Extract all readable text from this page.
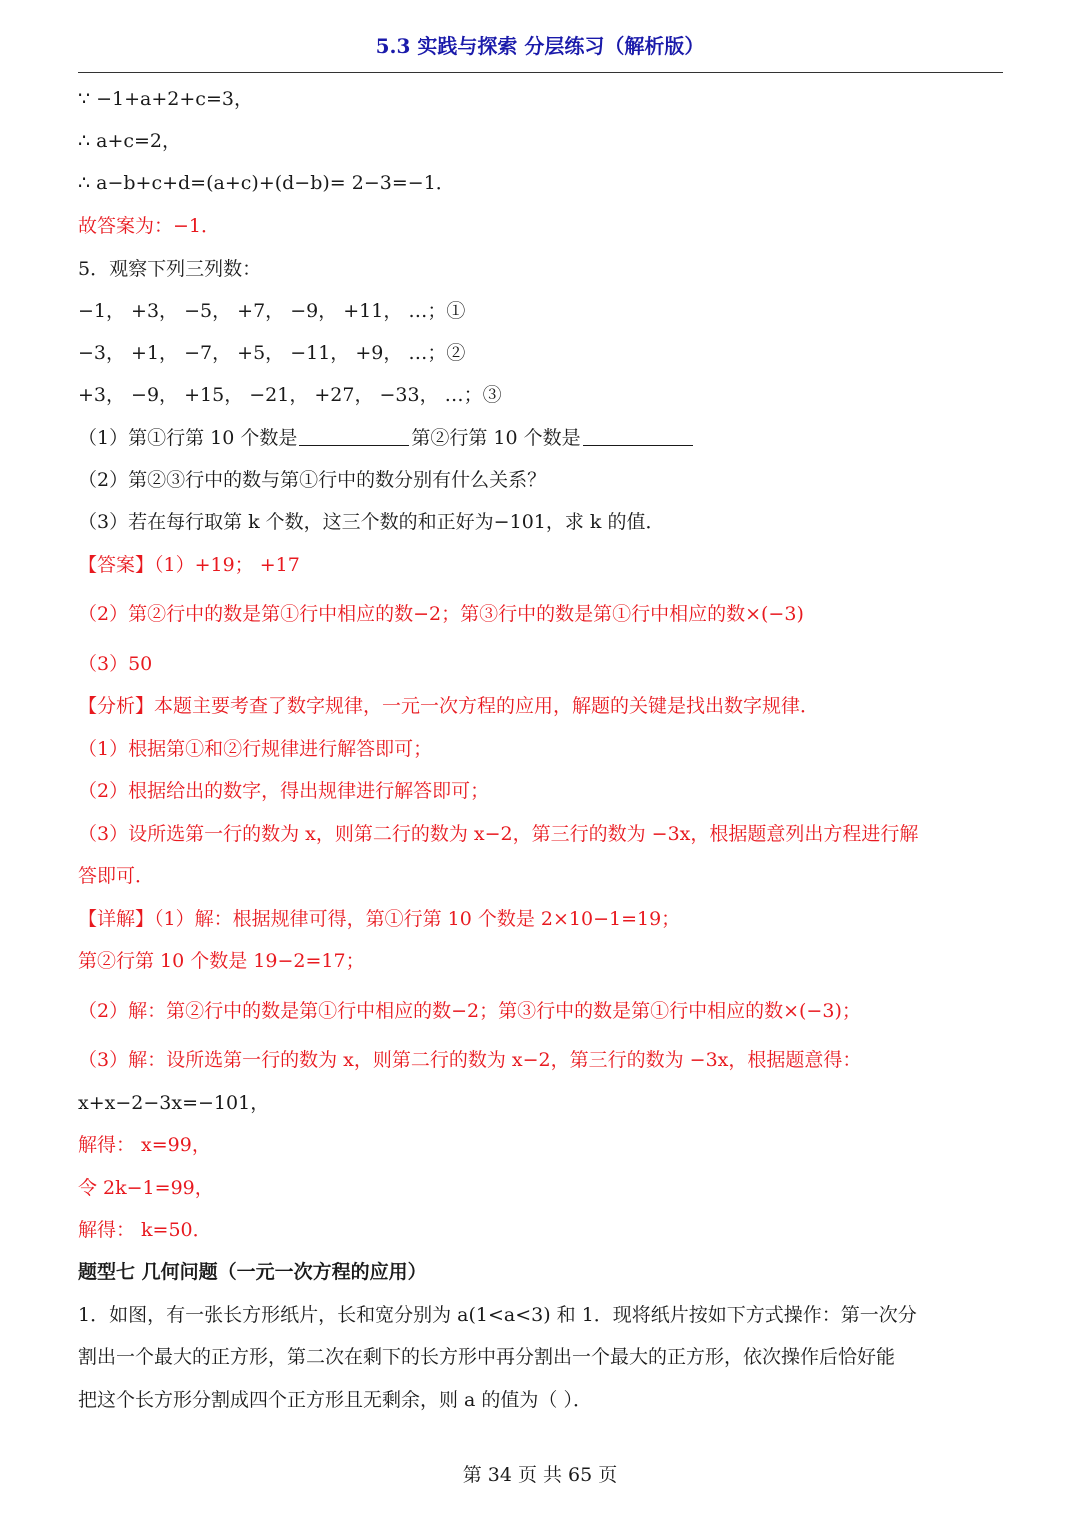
5.3 实践与探索 分层练习（解析版）
∵ −1+a+2+c=3，
∴ a+c=2，
∴ a−b+c+d=(a+c)+(d−b)= 2−3=−1．
故答案为：−1．
5．观察下列三列数：
−1， +3， −5， +7， −9， +11， …；①
−3， +1， −7， +5， −11， +9， …；②
+3， −9， +15， −21， +27， −33， …；③
（1）第①行第 10 个数是	第②行第 10 个数是
（2）第②③行中的数与第①行中的数分别有什么关系？
（3）若在每行取第 k 个数，这三个数的和正好为−101，求 k 的值．
【答案】（1）+19； +17
（2）第②行中的数是第①行中相应的数−2；第③行中的数是第①行中相应的数×(−3)
（3）50
【分析】本题主要考查了数字规律，一元一次方程的应用，解题的关键是找出数字规律．
（1）根据第①和②行规律进行解答即可；
（2）根据给出的数字，得出规律进行解答即可；
（3）设所选第一行的数为 x，则第二行的数为 x−2，第三行的数为 −3x，根据题意列出方程进行解
答即可．
【详解】（1）解：根据规律可得，第①行第 10 个数是 2×10−1=19；
第②行第 10 个数是 19−2=17；
（2）解：第②行中的数是第①行中相应的数−2；第③行中的数是第①行中相应的数×(−3)；
（3）解：设所选第一行的数为 x，则第二行的数为 x−2，第三行的数为 −3x，根据题意得：
x+x−2−3x=−101，
解得： x=99，
令 2k−1=99，
解得： k=50．
题型七 几何问题（一元一次方程的应用）
1．如图，有一张长方形纸片，长和宽分别为 a(1<a<3) 和 1．现将纸片按如下方式操作：第一次分
割出一个最大的正方形，第二次在剩下的长方形中再分割出一个最大的正方形，依次操作后恰好能
把这个长方形分割成四个正方形且无剩余，则 a 的值为（ ）．
第 34 页 共 65 页
